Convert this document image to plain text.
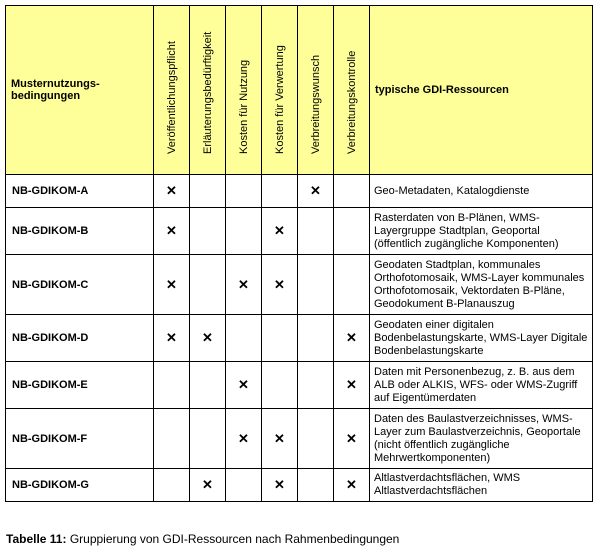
Musternutzungs-bedingungen	Veröffentlichungspflicht	Erläuterungsbedürftigkeit	Kosten für Nutzung	Kosten für Verwertung	Verbreitungswunsch	Verbreitungskontrolle	typische GDI-Ressourcen
NB-GDIKOM-A	✕				✕		Geo-Metadaten, Katalogdienste
NB-GDIKOM-B	✕			✕			Rasterdaten von B-Plänen, WMS-Layergruppe Stadtplan, Geoportal (öffentlich zugängliche Komponenten)
NB-GDIKOM-C	✕		✕	✕			Geodaten Stadtplan, kommunales Orthofotomosaik, WMS-Layer kommunales Orthofotomosaik, Vektordaten B-Pläne, Geodokument B-Planauszug
NB-GDIKOM-D	✕	✕				✕	Geodaten einer digitalen Bodenbelastungskarte, WMS-Layer Digitale Bodenbelastungskarte
NB-GDIKOM-E			✕			✕	Daten mit Personenbezug, z. B. aus dem ALB oder ALKIS, WFS- oder WMS-Zugriff auf Eigentümerdaten
NB-GDIKOM-F			✕	✕		✕	Daten des Baulastverzeichnisses, WMS-Layer zum Baulastverzeichnis, Geoportale (nicht öffentlich zugängliche Mehrwertkomponenten)
NB-GDIKOM-G		✕		✕		✕	Altlastverdachtsflächen, WMS Altlastverdachtsflächen
Tabelle 11: Gruppierung von GDI-Ressourcen nach Rahmenbedingungen
